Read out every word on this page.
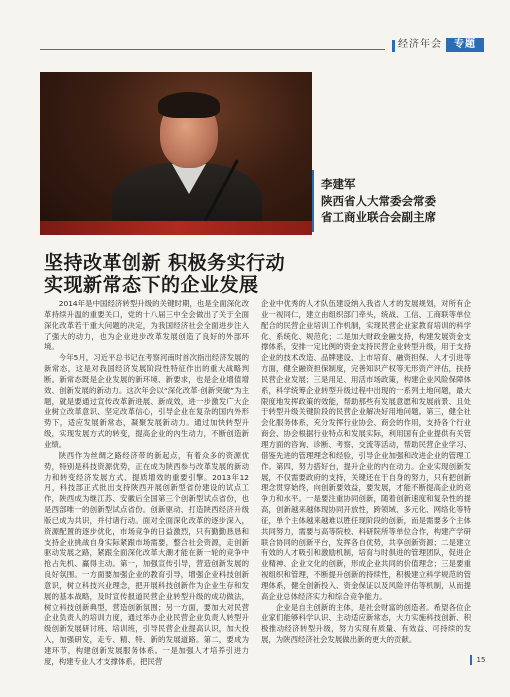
经济年会	专题
李建军
陕西省人大常委会常委
省工商业联合会副主席
坚持改革创新 积极务实行动
实现新常态下的企业发展

2014年是中国经济转型升级的关键时期，也是全面深化改革持续升温的重要关口，党的十八届三中全会做出了关于全面深化改革若干重大问题的决定，为我国经济社会全面进步注入了强大的动力，也为企业进步改革发展创造了良好的外部环境。

今年5月，习近平总书记在考察河南时首次指出经济发展的新常态，这是对我国经济发展阶段性特征作出的重大战略判断。新常态既是企业发展的新环境、新要求，也是企业增值增效、创新发展的新动力。这次年会以“深化改革·创新突破”为主题，就是要通过宣传改革新进展、新成效，进一步激发广大企业树立改革意识、坚定改革信心，引导企业在复杂的国内外形势下，适应发展新常态，凝聚发展新动力。通过加快转型升级，实现发展方式的转变，提高企业的內生动力，不断创造新业绩。

陕西作为丝绸之路经济带的新起点，有着众多的资源优势，特别是科技资源优势，正在成为陕西参与改革发展的新动力和转变经济发展方式、提质增效的重要引擎。2013年12月，科技部正式批出支持陕西开展创新型省份建设的试点工作，陕西成为继江苏、安徽后全国第三个创新型试点省份，也是西部唯一的创新型试点省份。创新驱动、打造陕西经济升级版已成为共识，并付诸行动。面对全面深化改革的逐步深入，资源配置的逐步优化，市场竞争的日益激烈，只有勤勤恳恳和支持企业挑战自身实际紧跟市场需要，整合社会资源，走创新驱动发展之路，紧跟全面深化改革大潮才能在新一轮的竞争中抢占先机、赢得主动。第一，加强宣传引导，营造创新发展的良好氛围。一方面要加强企业的教育引导，增强企业科技创新意识，树立科技兴业理念，把开展科技创新作为企业生存和发展的基本战略，及时宣传报道民营企业转型升级的成功做法，树立科技创新典型，营造创新氛围；另一方面，要加大对民营企业负责人的培训力度，通过举办企业民营企业负责人转型升级创新发展研讨班、培训班，引导民营企业提高认识，加大投入，加强研发，走专、精、特、新的发展道路。第二，要成为建环节，构建创新发展服务体系。一是加强人才培养引进力度，构建专业人才支撑体系，把民营

企业中优秀的人才队伍建设纳入我省人才的发展规划，对所有企业一视同仁，建立由组织部门牵头，统战、工信、工商联等单位配合的民营企业培训工作机制，实现民营企业家教育培训的科学化、系统化、规范化；二是加大财政金融支持，构建发展资金支撑体系，安排一定比例的资金支持民营企业转型升级，用于支持企业的技术改造、品牌建设、上市培育、融资担保、人才引进等方面，健全融资担保制度，完善知识产权等无形资产评估，扶持民营企业发展；三是用足、用活市场政策，构建企业风险保障体系，科学统筹企业转型升级过程中出现的一系列土地问题，最大限度地发挥政策的效能，帮助那些有发展意愿和发展前景、且处于转型升级关键阶段的民营企业解决好用地问题。第三，健全社会化服务体系，充分发挥行业协会、商会的作用，支持各个行业商会、协会根据行业特点和发展实际，利用国有企业提供有关管理方面的咨询、诊断、考察、交流等活动，帮助民营企业学习、借鉴先进的管理理念和经验，引导企业加强和改进企业的管理工作。第四，努力搭好台，提升企业的内在动力。企业实现创新发展，不仅需要政府的支持，关键还在于自身的努力，只有把创新理念贯穿始终，向创新要效益，要发展，才能不断提高企业的竞争力和水平。一是要注重协同创新，随着创新速度和复杂性的提高，创新越来越体现协同开放性，跨领域、多元化、网络化等特征，单个主体越来越难以胜任现阶段的创新，而是需要多个主体共同努力，需要与高等院校、科研院所等单位合作，构建产学研联合协同的创新平台，发挥各自优势，共享创新资源；二是建立有效的人才吸引和激励机制，培育与时俱进的管理团队，促进企业精神、企业文化的创新，形成企业共同的价值理念；三是要重视组织和管理，不断提升创新的持续性，积极建立科学规范的管理体系，健全创新投入、资金保证以及风险评估等机制，从而提高企业总体经济实力和综合竞争能力。

企业是自主创新的主体，是社会财富的创造者。希望各位企业家们能够科学认识、主动适应新常态，大力实施科技创新、积极推动经济转型升级，努力实现有质量、有效益、可持续的发展，为陕西经济社会发展做出新的更大的贡献。

15
